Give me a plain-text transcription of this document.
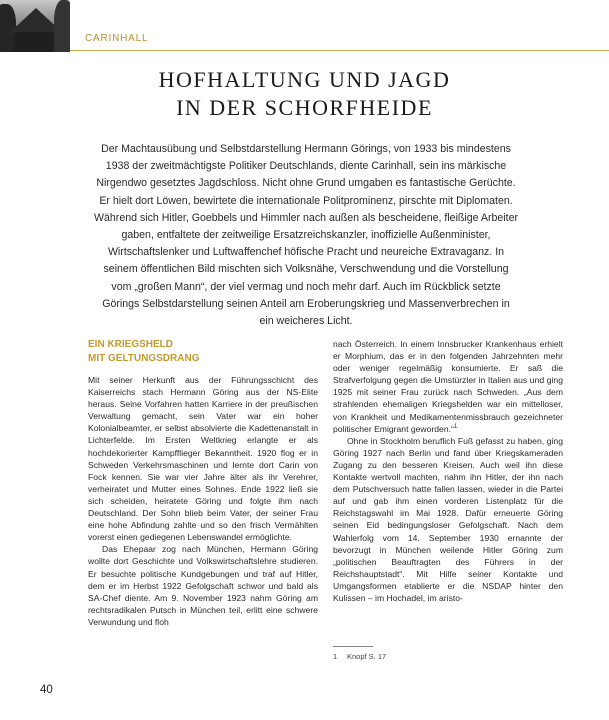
CARINHALL
HOFHALTUNG UND JAGD
IN DER SCHORFHEIDE

Der Machtausübung und Selbstdarstellung Hermann Görings, von 1933 bis mindestens 1938 der zweitmächtigste Politiker Deutschlands, diente Carinhall, sein ins märkische Nirgendwo gesetztes Jagdschloss. Nicht ohne Grund umgaben es fantastische Gerüchte. Er hielt dort Löwen, bewirtete die internationale Politprominenz, pirschte mit Diplomaten. Während sich Hitler, Goebbels und Himmler nach außen als bescheidene, fleißige Arbeiter gaben, entfaltete der zeitweilige Ersatzreichskanzler, inoffizielle Außenminister, Wirtschaftslenker und Luftwaffenchef höfische Pracht und neureiche Extravaganz. In seinem öffentlichen Bild mischten sich Volksnähe, Verschwendung und die Vorstellung vom „großen Mann“, der viel vermag und noch mehr darf. Auch im Rückblick setzte Görings Selbstdarstellung seinen Anteil am Eroberungskrieg und Massenverbrechen in ein weicheres Licht.

EIN KRIEGSHELD
MIT GELTUNGSDRANG

Mit seiner Herkunft aus der Führungsschicht des Kaiserreichs stach Hermann Göring aus der NS-Elite heraus. Seine Vorfahren hatten Karriere in der preußischen Verwaltung gemacht, sein Vater war ein hoher Kolonialbeamter, er selbst absolvierte die Kadettenanstalt in Lichterfelde. Im Ersten Weltkrieg erlangte er als hochdekorierter Kampfflieger Bekanntheit. 1920 flog er in Schweden Verkehrsmaschinen und lernte dort Carin von Fock kennen. Sie war vier Jahre älter als ihr Verehrer, verheiratet und Mutter eines Sohnes. Ende 1922 ließ sie sich scheiden, heiratete Göring und folgte ihm nach Deutschland. Der Sohn blieb beim Vater, der seiner Frau eine hohe Abfindung zahlte und so den frisch Vermählten vorerst einen gediegenen Lebenswandel ermöglichte.

Das Ehepaar zog nach München, Hermann Göring wollte dort Geschichte und Volkswirtschaftslehre studieren. Er besuchte politische Kundgebungen und traf auf Hitler, dem er im Herbst 1922 Gefolgschaft schwor und bald als SA-Chef diente. Am 9. November 1923 nahm Göring am rechtsradikalen Putsch in München teil, erlitt eine schwere Verwundung und floh

nach Österreich. In einem Innsbrucker Krankenhaus erhielt er Morphium, das er in den folgenden Jahrzehnten mehr oder weniger regelmäßig konsumierte. Er saß die Strafverfolgung gegen die Umstürzler in Italien aus und ging 1925 mit seiner Frau zurück nach Schweden. „Aus dem strahlenden ehemaligen Kriegshelden war ein mittelloser, von Krankheit und Medikamentenmissbrauch gezeichneter politischer Emigrant geworden.“$^1$

Ohne in Stockholm beruflich Fuß gefasst zu haben, ging Göring 1927 nach Berlin und fand über Kriegskameraden Zugang zu den besseren Kreisen. Auch weil ihn diese Kontakte wertvoll machten, nahm ihn Hitler, der ihn nach dem Putschversuch hatte fallen lassen, wieder in die Partei auf und gab ihm einen vorderen Listenplatz für die Reichstagswahl im Mai 1928. Dafür erneuerte Göring seinen Eid bedingungsloser Gefolgschaft. Nach dem Wahlerfolg vom 14. September 1930 ernannte der bevorzugt in München weilende Hitler Göring zum „politischen Beauftragten des Führers in der Reichshauptstadt“. Mit Hilfe seiner Kontakte und Umgangsformen etablierte er die NSDAP hinter den Kulissen – im Hochadel, im aristo-

1 Knopf S. 17
40
